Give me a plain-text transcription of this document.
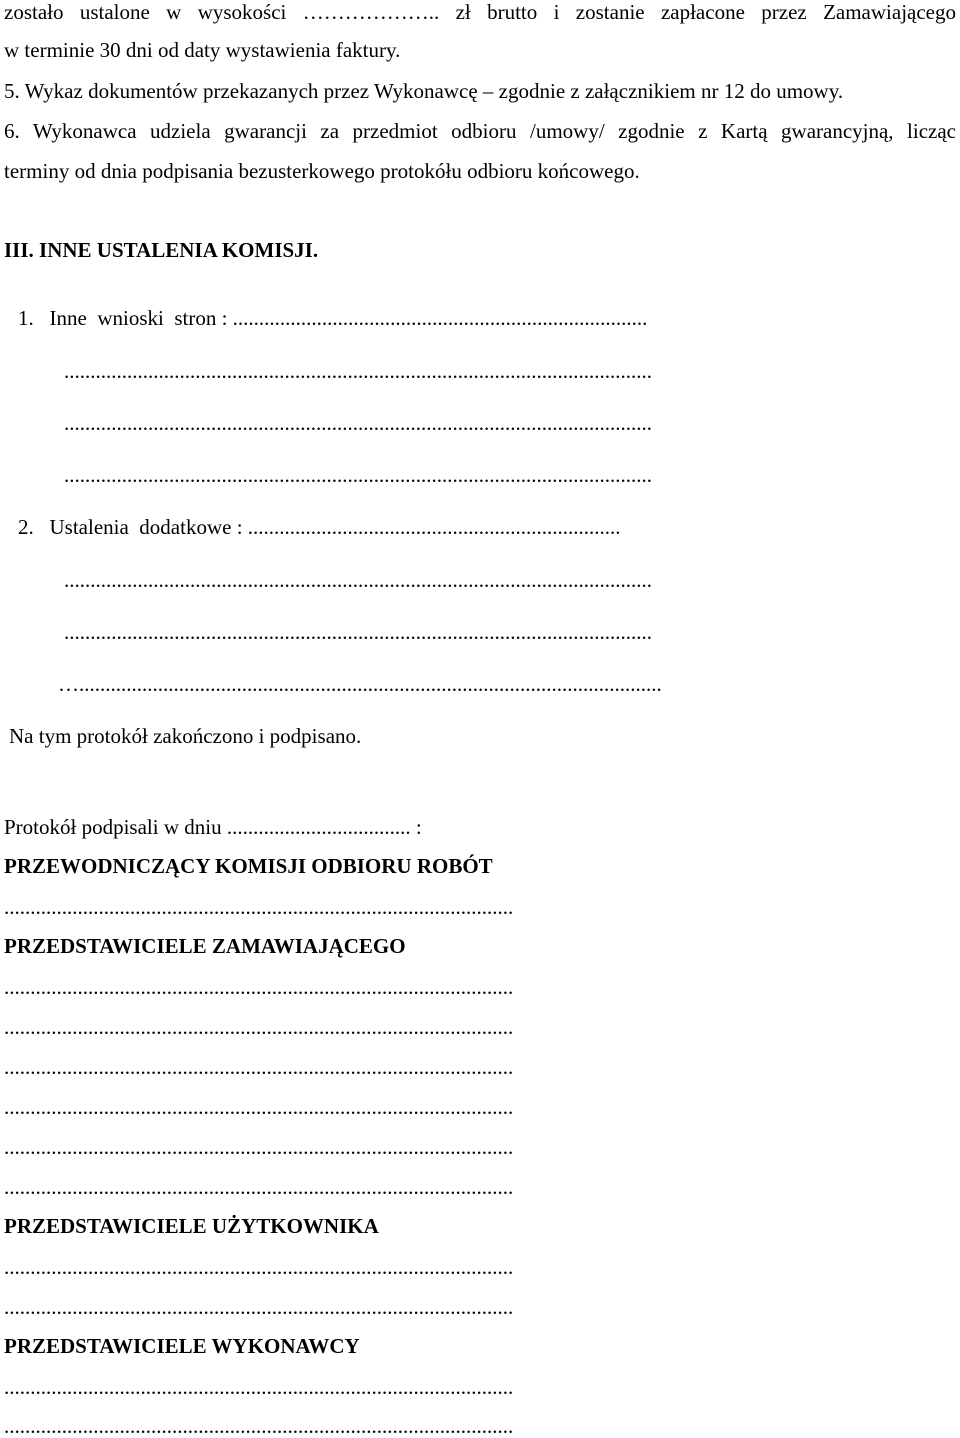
zostało ustalone w wysokości ……………….. zł brutto i zostanie zapłacone przez Zamawiającego
w terminie 30 dni od daty wystawienia faktury.
5. Wykaz dokumentów przekazanych przez Wykonawcę – zgodnie z załącznikiem nr 12 do umowy.
6. Wykonawca udziela gwarancji za przedmiot odbioru /umowy/ zgodnie z Kartą gwarancyjną, licząc
terminy od dnia podpisania bezusterkowego protokółu odbioru końcowego.
III. INNE USTALENIA KOMISJI.
1.   Inne  wnioski  stron : ...............................................................................
................................................................................................................
................................................................................................................
................................................................................................................
2.   Ustalenia  dodatkowe : .......................................................................
................................................................................................................
................................................................................................................
…...............................................................................................................
Na tym protokół zakończono i podpisano.
Protokół podpisali w dniu ................................... :
PRZEWODNICZĄCY KOMISJI ODBIORU ROBÓT
.................................................................................................
PRZEDSTAWICIELE ZAMAWIAJĄCEGO
.................................................................................................
.................................................................................................
.................................................................................................
.................................................................................................
.................................................................................................
.................................................................................................
PRZEDSTAWICIELE UŻYTKOWNIKA
.................................................................................................
.................................................................................................
PRZEDSTAWICIELE WYKONAWCY
.................................................................................................
.................................................................................................
